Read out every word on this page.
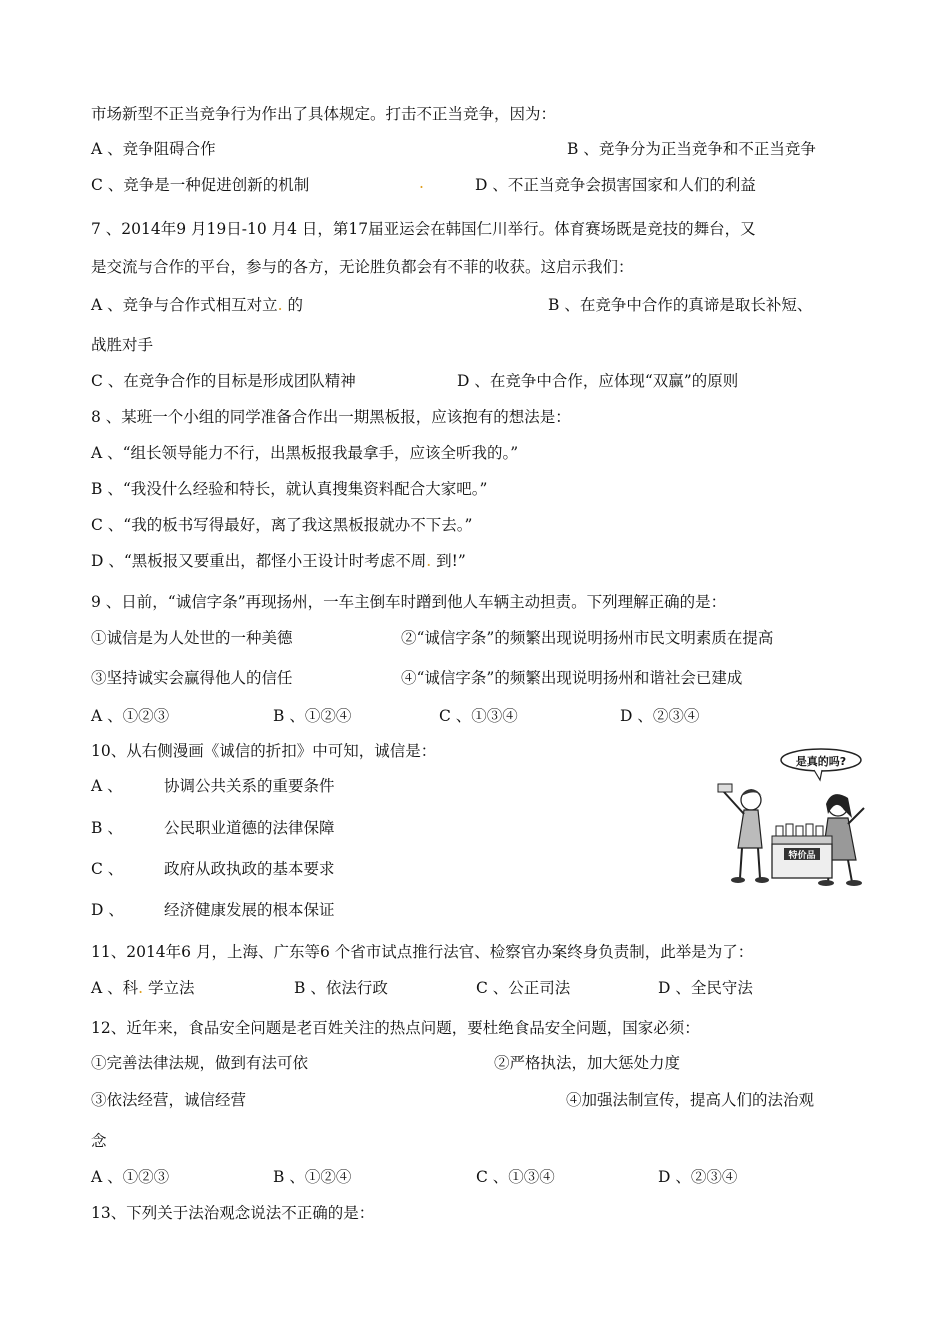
市场新型不正当竞争行为作出了具体规定。打击不正当竞争，因为：
A 、竞争阻碍合作	B 、竞争分为正当竞争和不正当竞争
C 、竞争是一种促进创新的机制	.	D 、不正当竞争会损害国家和人们的利益
7 、2014年9 月19日-10 月4 日，第17届亚运会在韩国仁川举行。体育赛场既是竞技的舞台，又
是交流与合作的平台，参与的各方，无论胜负都会有不菲的收获。这启示我们：
A 、竞争与合作式相互对立. 的	B 、在竞争中合作的真谛是取长补短、
战胜对手
C 、在竞争合作的目标是形成团队精神	D 、在竞争中合作，应体现“双赢”的原则
8 、某班一个小组的同学准备合作出一期黑板报，应该抱有的想法是：
A 、“组长领导能力不行，出黑板报我最拿手，应该全听我的。”
B 、“我没什么经验和特长，就认真搜集资料配合大家吧。”
C 、“我的板书写得最好，离了我这黑板报就办不下去。”
D 、“黑板报又要重出，都怪小王设计时考虑不周. 到!”
9 、日前，“诚信字条”再现扬州，一车主倒车时蹭到他人车辆主动担责。下列理解正确的是：
①诚信是为人处世的一种美德	②“诚信字条”的频繁出现说明扬州市民文明素质在提高
③坚持诚实会赢得他人的信任	④“诚信字条”的频繁出现说明扬州和谐社会已建成
A 、①②③	B 、①②④	C 、①③④	D 、②③④
10、从右侧漫画《诚信的折扣》中可知，诚信是：
A 、	协调公共关系的重要条件
B 、	公民职业道德的法律保障
C 、	政府从政执政的基本要求
D 、	经济健康发展的根本保证
是真的吗?
特价品
11、2014年6 月，上海、广东等6 个省市试点推行法官、检察官办案终身负责制，此举是为了：
A 、科. 学立法	B 、依法行政	C 、公正司法	D 、全民守法
12、近年来，食品安全问题是老百姓关注的热点问题，要杜绝食品安全问题，国家必须：
①完善法律法规，做到有法可依	②严格执法，加大惩处力度
③依法经营，诚信经营	④加强法制宣传，提高人们的法治观
念
A 、①②③	B 、①②④	C 、①③④	D 、②③④
13、下列关于法治观念说法不正确的是：
